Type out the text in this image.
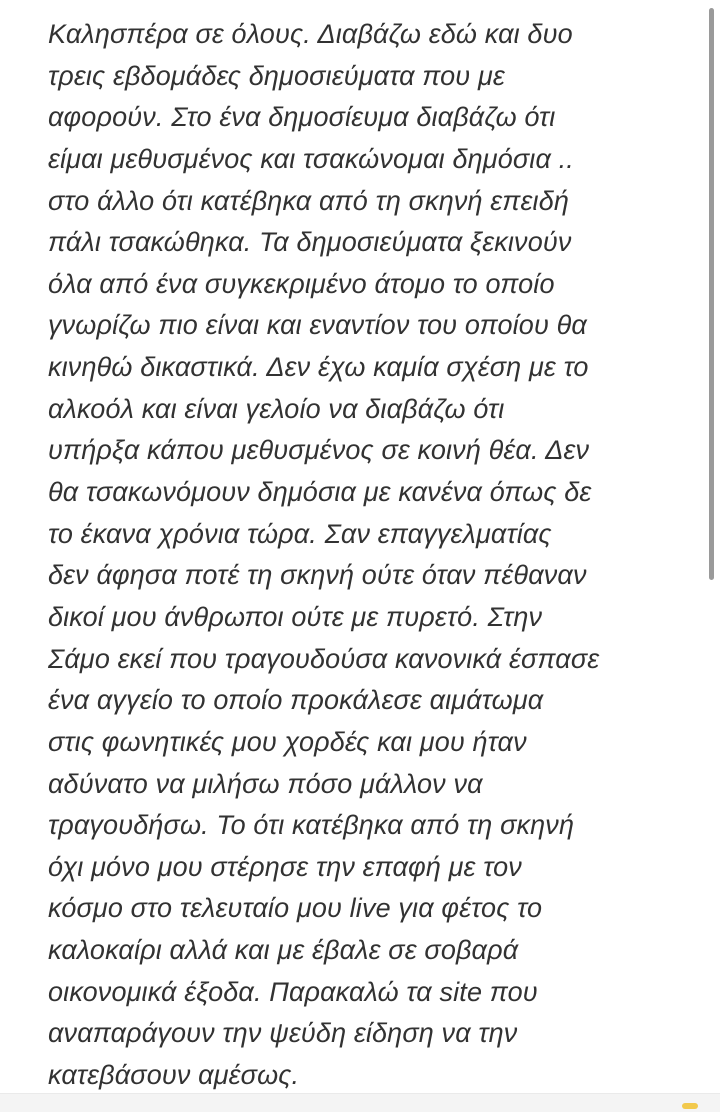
Καλησπέρα σε όλους. Διαβάζω εδώ και δυο
τρεις εβδομάδες δημοσιεύματα που με
αφορούν. Στο ένα δημοσίευμα διαβάζω ότι
είμαι μεθυσμένος και τσακώνομαι δημόσια ..
στο άλλο ότι κατέβηκα από τη σκηνή επειδή
πάλι τσακώθηκα. Τα δημοσιεύματα ξεκινούν
όλα από ένα συγκεκριμένο άτομο το οποίο
γνωρίζω πιο είναι και εναντίον του οποίου θα
κινηθώ δικαστικά. Δεν έχω καμία σχέση με το
αλκοόλ και είναι γελοίο να διαβάζω ότι
υπήρξα κάπου μεθυσμένος σε κοινή θέα. Δεν
θα τσακωνόμουν δημόσια με κανένα όπως δε
το έκανα χρόνια τώρα. Σαν επαγγελματίας
δεν άφησα ποτέ τη σκηνή ούτε όταν πέθαναν
δικοί μου άνθρωποι ούτε με πυρετό. Στην
Σάμο εκεί που τραγουδούσα κανονικά έσπασε
ένα αγγείο το οποίο προκάλεσε αιμάτωμα
στις φωνητικές μου χορδές και μου ήταν
αδύνατο να μιλήσω πόσο μάλλον να
τραγουδήσω. Το ότι κατέβηκα από τη σκηνή
όχι μόνο μου στέρησε την επαφή με τον
κόσμο στο τελευταίο μου live για φέτος το
καλοκαίρι αλλά και με έβαλε σε σοβαρά
οικονομικά έξοδα. Παρακαλώ τα site που
αναπαράγουν την ψεύδη είδηση να την
κατεβάσουν αμέσως.
